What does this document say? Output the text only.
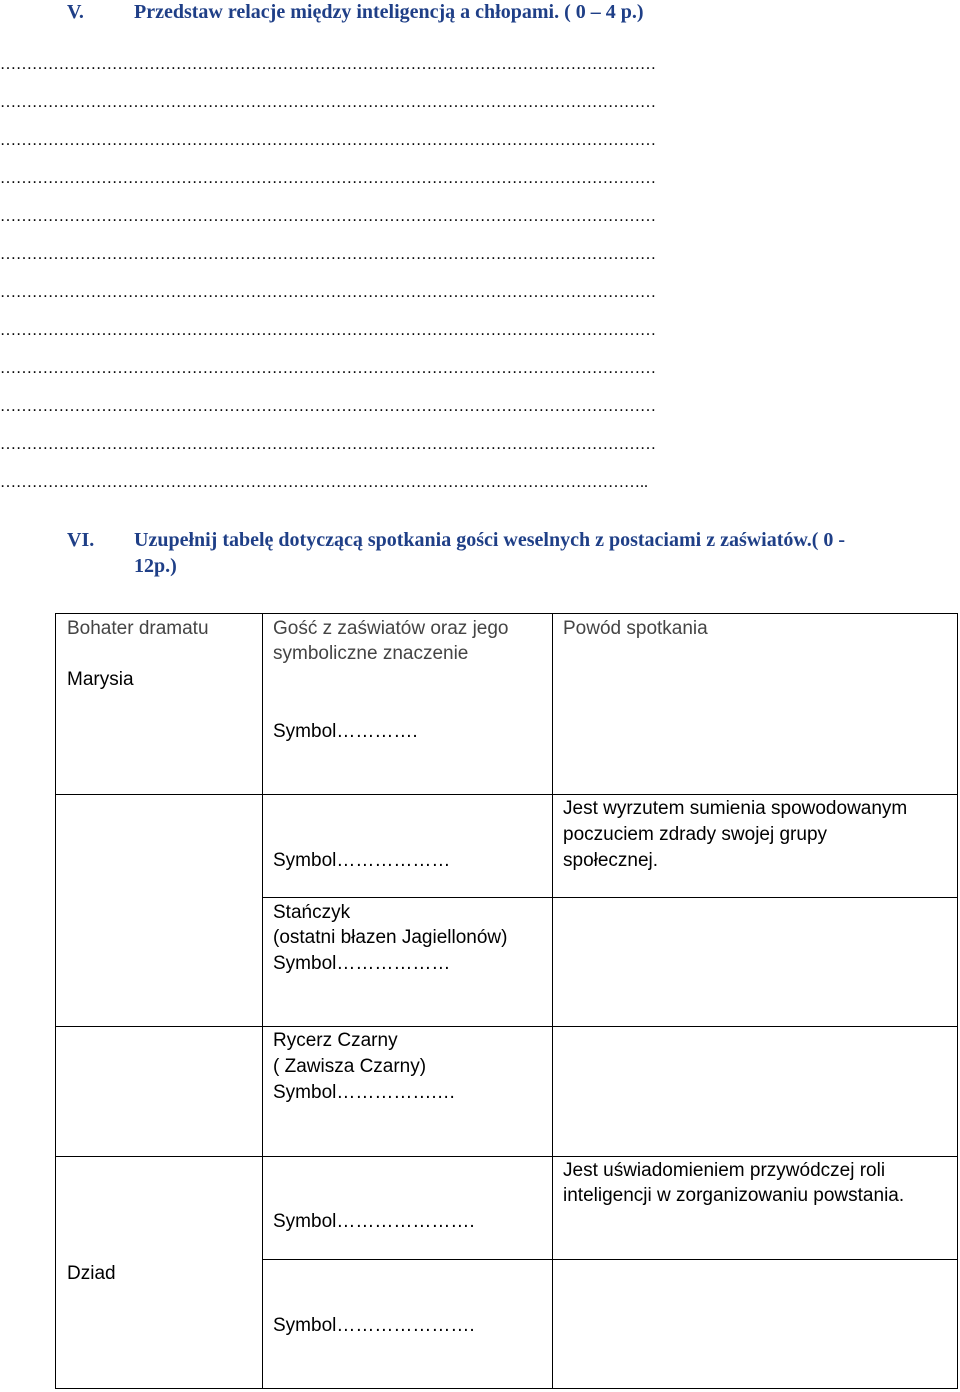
V.	Przedstaw relacje między inteligencją a chłopami. ( 0 – 4 p.)
……………………………………………………………………………………………………………
……………………………………………………………………………………………………………
……………………………………………………………………………………………………………
……………………………………………………………………………………………………………
……………………………………………………………………………………………………………
……………………………………………………………………………………………………………
……………………………………………………………………………………………………………
……………………………………………………………………………………………………………
……………………………………………………………………………………………………………
……………………………………………………………………………………………………………
……………………………………………………………………………………………………………
…………………………………………………………………………………………………………..
VI. Uzupełnij tabelę dotyczącą spotkania gości weselnych z postaciami z zaświatów.( 0 -
12p.)
Bohater dramatu	Gość z zaświatów oraz jego
symboliczne znaczenie
Powód spotkania
Marysia
Symbol………….
Symbol………………
Jest wyrzutem sumienia spowodowanym
poczuciem zdrady swojej grupy
społecznej.
Stańczyk
(ostatni błazen Jagiellonów)
Symbol………………
Rycerz Czarny
( Zawisza Czarny)
Symbol…………….…
Symbol………………….
Jest uświadomieniem przywódczej roli
inteligencji w zorganizowaniu powstania.
Dziad
Symbol………………….
